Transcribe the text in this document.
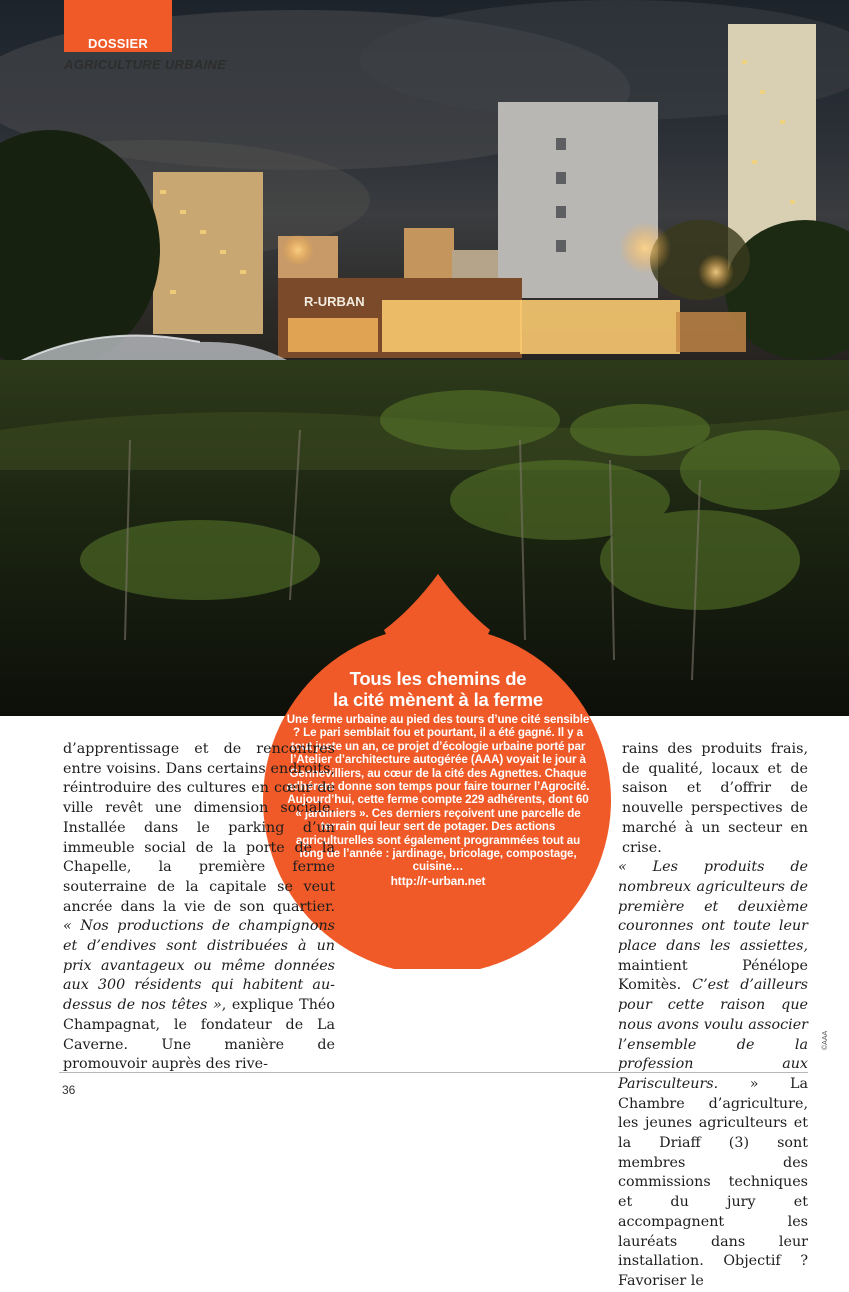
R-URBAN
DOSSIER
AGRICULTURE URBAINE
Tous les chemins de
la cité mènent à la ferme

Une ferme urbaine au pied des tours d’une cité sensible ? Le pari semblait fou et pourtant, il a été gagné. Il y a tout juste un an, ce projet d’écologie urbaine porté par l’Atelier d’architecture autogérée (AAA) voyait le jour à Gennevilliers, au cœur de la cité des Agnettes. Chaque adhérent donne son temps pour faire tourner l’Agrocité. Aujourd’hui, cette ferme compte 229 adhérents, dont 60 « jardiniers ». Ces derniers reçoivent une parcelle de terrain qui leur sert de potager. Des actions agriculturelles sont également programmées tout au long de l’année : jardinage, bricolage, compostage, cuisine…
http://r-urban.net

d’apprentissage et de rencontres entre voisins. Dans certains endroits, réintroduire des cultures en cœur de ville revêt une dimension sociale. Installée dans le parking d’un immeuble social de la porte de la Chapelle, la première ferme souterraine de la capitale se veut ancrée dans la vie de son quartier.

« Nos productions de champignons et d’endives sont distribuées à un prix avantageux ou même données aux 300 résidents qui habitent au-dessus de nos têtes », explique Théo Champagnat, le fondateur de La Caverne. Une manière de promouvoir auprès des rive-

rains des produits frais, de qualité, locaux et de saison et d’offrir de nouvelle perspectives de marché à un secteur en crise.

« Les produits de nombreux agriculteurs de première et deuxième couronnes ont toute leur place dans les assiettes, maintient Pénélope Komitès. C’est d’ailleurs pour cette raison que nous avons voulu associer l’ensemble de la profession aux Parisculteurs. » La Chambre d’agriculture, les jeunes agriculteurs et la Driaff (3) sont membres des commissions techniques et du jury et accompagnent les lauréats dans leur installation. Objectif ? Favoriser le

36
©AAA
